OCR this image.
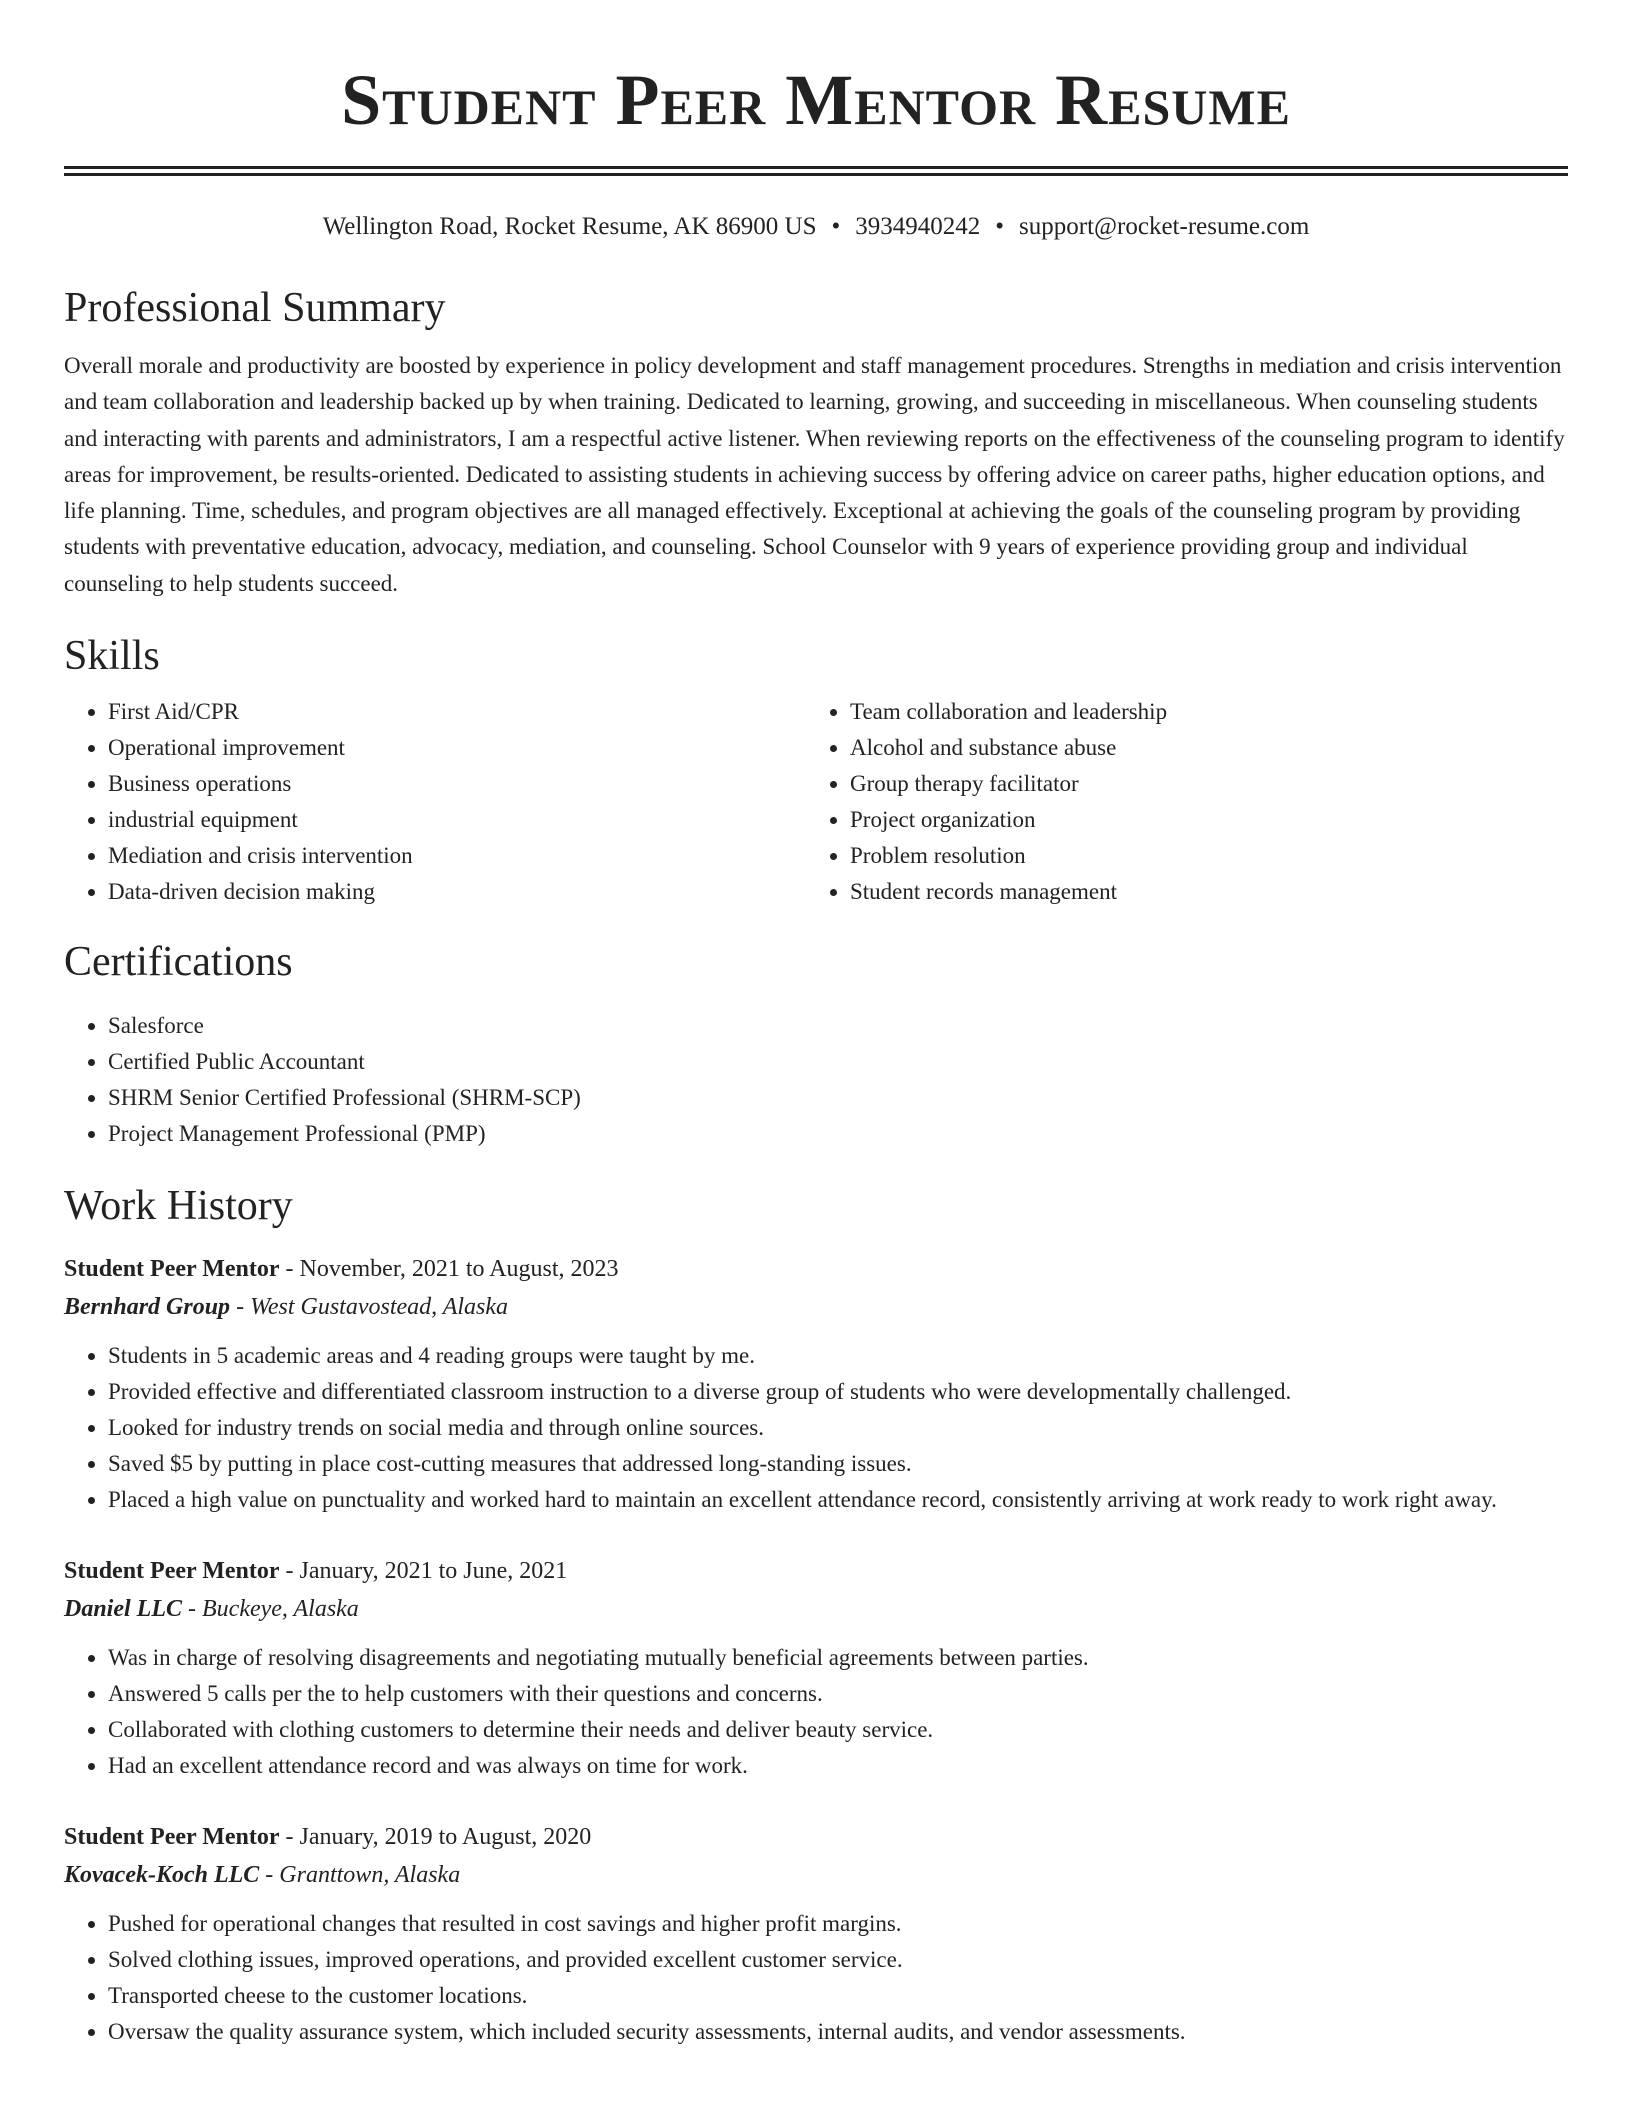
Student Peer Mentor Resume
Wellington Road, Rocket Resume, AK 86900 US • 3934940242 • support@rocket-resume.com
Professional Summary

Overall morale and productivity are boosted by experience in policy development and staff management procedures. Strengths in mediation and crisis intervention and team collaboration and leadership backed up by when training. Dedicated to learning, growing, and succeeding in miscellaneous. When counseling students and interacting with parents and administrators, I am a respectful active listener. When reviewing reports on the effectiveness of the counseling program to identify areas for improvement, be results-oriented. Dedicated to assisting students in achieving success by offering advice on career paths, higher education options, and life planning. Time, schedules, and program objectives are all managed effectively. Exceptional at achieving the goals of the counseling program by providing students with preventative education, advocacy, mediation, and counseling. School Counselor with 9 years of experience providing group and individual counseling to help students succeed.

Skills
• First Aid/CPR
• Operational improvement
• Business operations
• industrial equipment
• Mediation and crisis intervention
• Data-driven decision making
• Team collaboration and leadership
• Alcohol and substance abuse
• Group therapy facilitator
• Project organization
• Problem resolution
• Student records management
Certifications
• Salesforce
• Certified Public Accountant
• SHRM Senior Certified Professional (SHRM-SCP)
• Project Management Professional (PMP)
Work History
Student Peer Mentor - November, 2021 to August, 2023
Bernhard Group - West Gustavostead, Alaska
• Students in 5 academic areas and 4 reading groups were taught by me.
• Provided effective and differentiated classroom instruction to a diverse group of students who were developmentally challenged.
• Looked for industry trends on social media and through online sources.
• Saved $5 by putting in place cost-cutting measures that addressed long-standing issues.
• Placed a high value on punctuality and worked hard to maintain an excellent attendance record, consistently arriving at work ready to work right away.
Student Peer Mentor - January, 2021 to June, 2021
Daniel LLC - Buckeye, Alaska
• Was in charge of resolving disagreements and negotiating mutually beneficial agreements between parties.
• Answered 5 calls per the to help customers with their questions and concerns.
• Collaborated with clothing customers to determine their needs and deliver beauty service.
• Had an excellent attendance record and was always on time for work.
Student Peer Mentor - January, 2019 to August, 2020
Kovacek-Koch LLC - Granttown, Alaska
• Pushed for operational changes that resulted in cost savings and higher profit margins.
• Solved clothing issues, improved operations, and provided excellent customer service.
• Transported cheese to the customer locations.
• Oversaw the quality assurance system, which included security assessments, internal audits, and vendor assessments.
